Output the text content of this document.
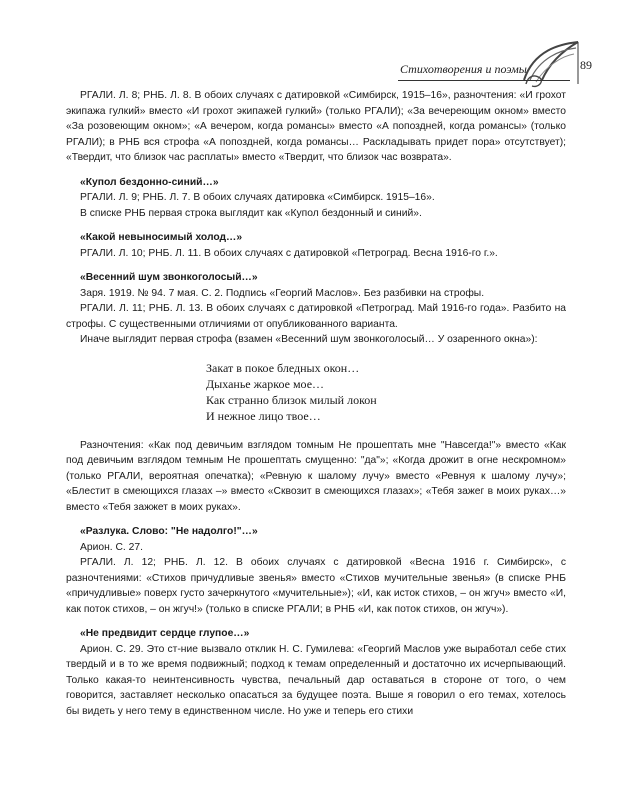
Стихотворения и поэмы	89

РГАЛИ. Л. 8; РНБ. Л. 8. В обоих случаях с датировкой «Симбирск, 1915–16», разночтения: «И грохот экипажа гулкий» вместо «И грохот экипажей гулкий» (только РГАЛИ); «За вечереющим окном» вместо «За розовеющим окном»; «А вечером, когда романсы» вместо «А попоздней, когда романсы» (только РГАЛИ); в РНБ вся строфа «А попоздней, когда романсы… Раскладывать придет пора» отсутствует); «Твердит, что близок час расплаты» вместо «Твердит, что близок час возврата».

«Купол бездонно-синий…»

РГАЛИ. Л. 9; РНБ. Л. 7. В обоих случаях датировка «Симбирск. 1915–16».

В списке РНБ первая строка выглядит как «Купол бездонный и синий».

«Какой невыносимый холод…»

РГАЛИ. Л. 10; РНБ. Л. 11. В обоих случаях с датировкой «Петроград. Весна 1916-го г.».

«Весенний шум звонкоголосый…»

Заря. 1919. № 94. 7 мая. С. 2. Подпись «Георгий Маслов». Без разбивки на строфы.

РГАЛИ. Л. 11; РНБ. Л. 13. В обоих случаях с датировкой «Петроград. Май 1916-го года». Разбито на строфы. С существенными отличиями от опубликованного варианта.

Иначе выглядит первая строфа (взамен «Весенний шум звонкоголосый… У озаренного окна»):

Закат в покое бледных окон…
Дыханье жаркое мое…
Как странно близок милый локон
И нежное лицо твое…

Разночтения: «Как под девичьим взглядом томным Не прошептать мне "Навсегда!"» вместо «Как под девичьим взглядом темным Не прошептать смущенно: "да"»; «Когда дрожит в огне нескромном» (только РГАЛИ, вероятная опечатка); «Ревную к шалому лучу» вместо «Ревнуя к шалому лучу»; «Блестит в смеющихся глазах –» вместо «Сквозит в смеющихся глазах»; «Тебя зажег в моих руках…» вместо «Тебя зажжет в моих руках».

«Разлука. Слово: "Не надолго!"…»

Арион. С. 27.

РГАЛИ. Л. 12; РНБ. Л. 12. В обоих случаях с датировкой «Весна 1916 г. Симбирск», с разночтениями: «Стихов причудливые звенья» вместо «Стихов мучительные звенья» (в списке РНБ «причудливые» поверх густо зачеркнутого «мучительные»); «И, как исток стихов, – он жгуч» вместо «И, как поток стихов, – он жгуч!» (только в списке РГАЛИ; в РНБ «И, как поток стихов, он жгуч»).

«Не предвидит сердце глупое…»

Арион. С. 29. Это ст-ние вызвало отклик Н. С. Гумилева: «Георгий Маслов уже выработал себе стих твердый и в то же время подвижный; подход к темам определенный и достаточно их исчерпывающий. Только какая-то неинтенсивность чувства, печальный дар оставаться в стороне от того, о чем говорится, заставляет несколько опасаться за будущее поэта. Выше я говорил о его темах, хотелось бы видеть у него тему в единственном числе. Но уже и теперь его стихи
